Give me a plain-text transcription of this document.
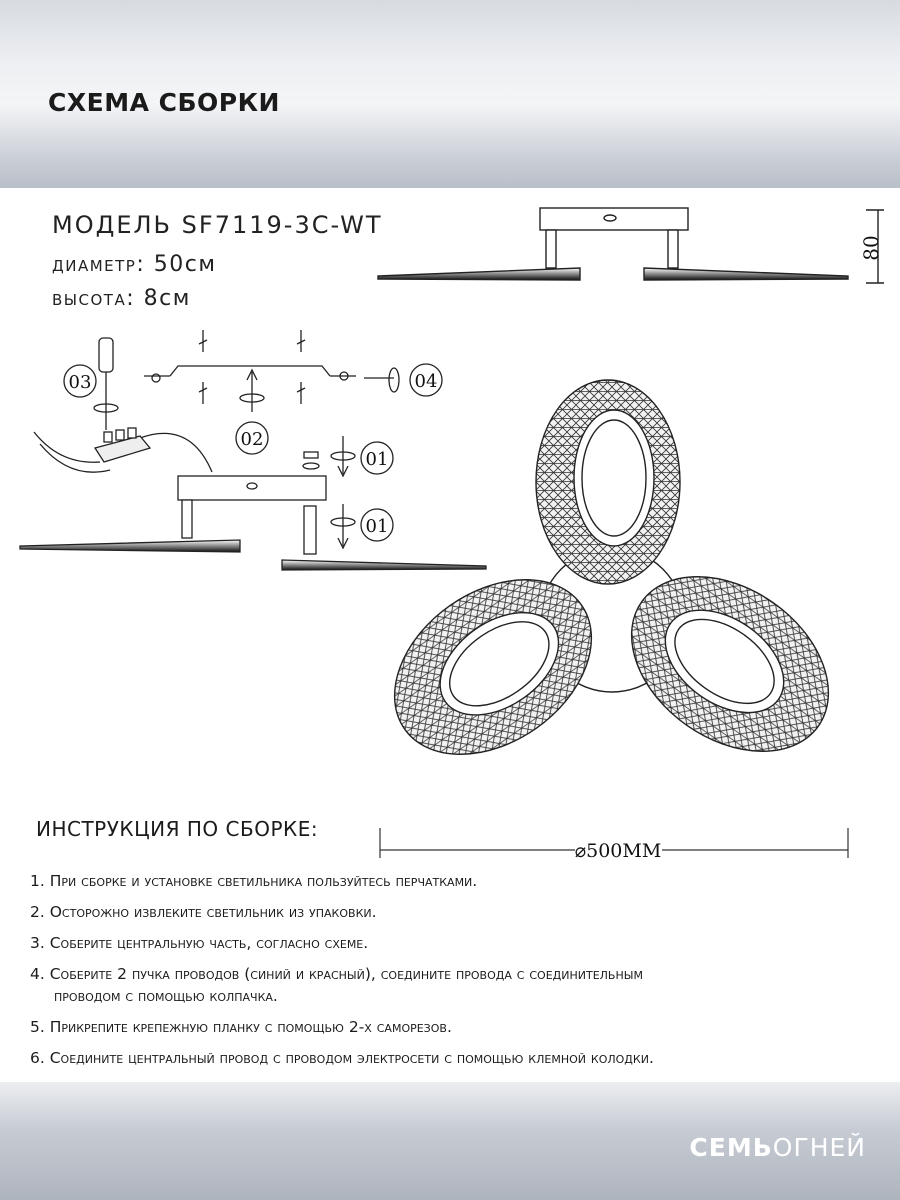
СХЕМА СБОРКИ
МОДЕЛЬ SF7119-3C-WT
диаметр: 50см
высота: 8см
80
03	04
02
01
01
⌀500MM
ИНСТРУКЦИЯ ПО СБОРКЕ:
1. При сборке и установке светильника пользуйтесь перчатками.
2. Осторожно извлеките светильник из упаковки.
3. Соберите центральную часть, согласно схеме.
4. Соберите 2 пучка проводов (синий и красный), соедините провода с соединительным
проводом с помощью колпачка.
5. Прикрепите крепежную планку с помощью 2-х саморезов.
6. Соедините центральный провод с проводом электросети с помощью клемной колодки.
СЕМЬОГНЕЙ
